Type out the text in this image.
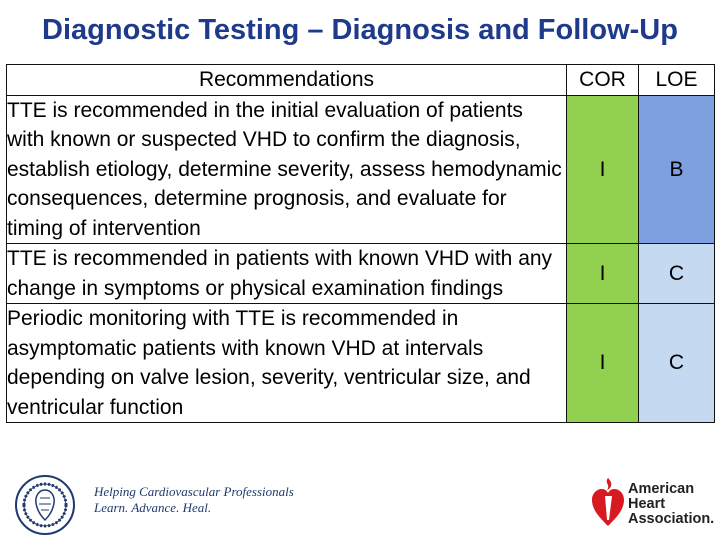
Diagnostic Testing – Diagnosis and Follow-Up
Recommendations	COR	LOE
TTE is recommended in the initial evaluation of patients with known or suspected VHD to confirm the diagnosis, establish etiology, determine severity, assess hemodynamic consequences, determine prognosis, and evaluate for timing of intervention	I	B
TTE is recommended in patients with known VHD with any change in symptoms or physical examination findings	I	C
Periodic monitoring with TTE is recommended in asymptomatic patients with known VHD at intervals depending on valve lesion, severity, ventricular size, and ventricular function	I	C
Helping Cardiovascular Professionals
Learn. Advance. Heal.
American
Heart
Association.
